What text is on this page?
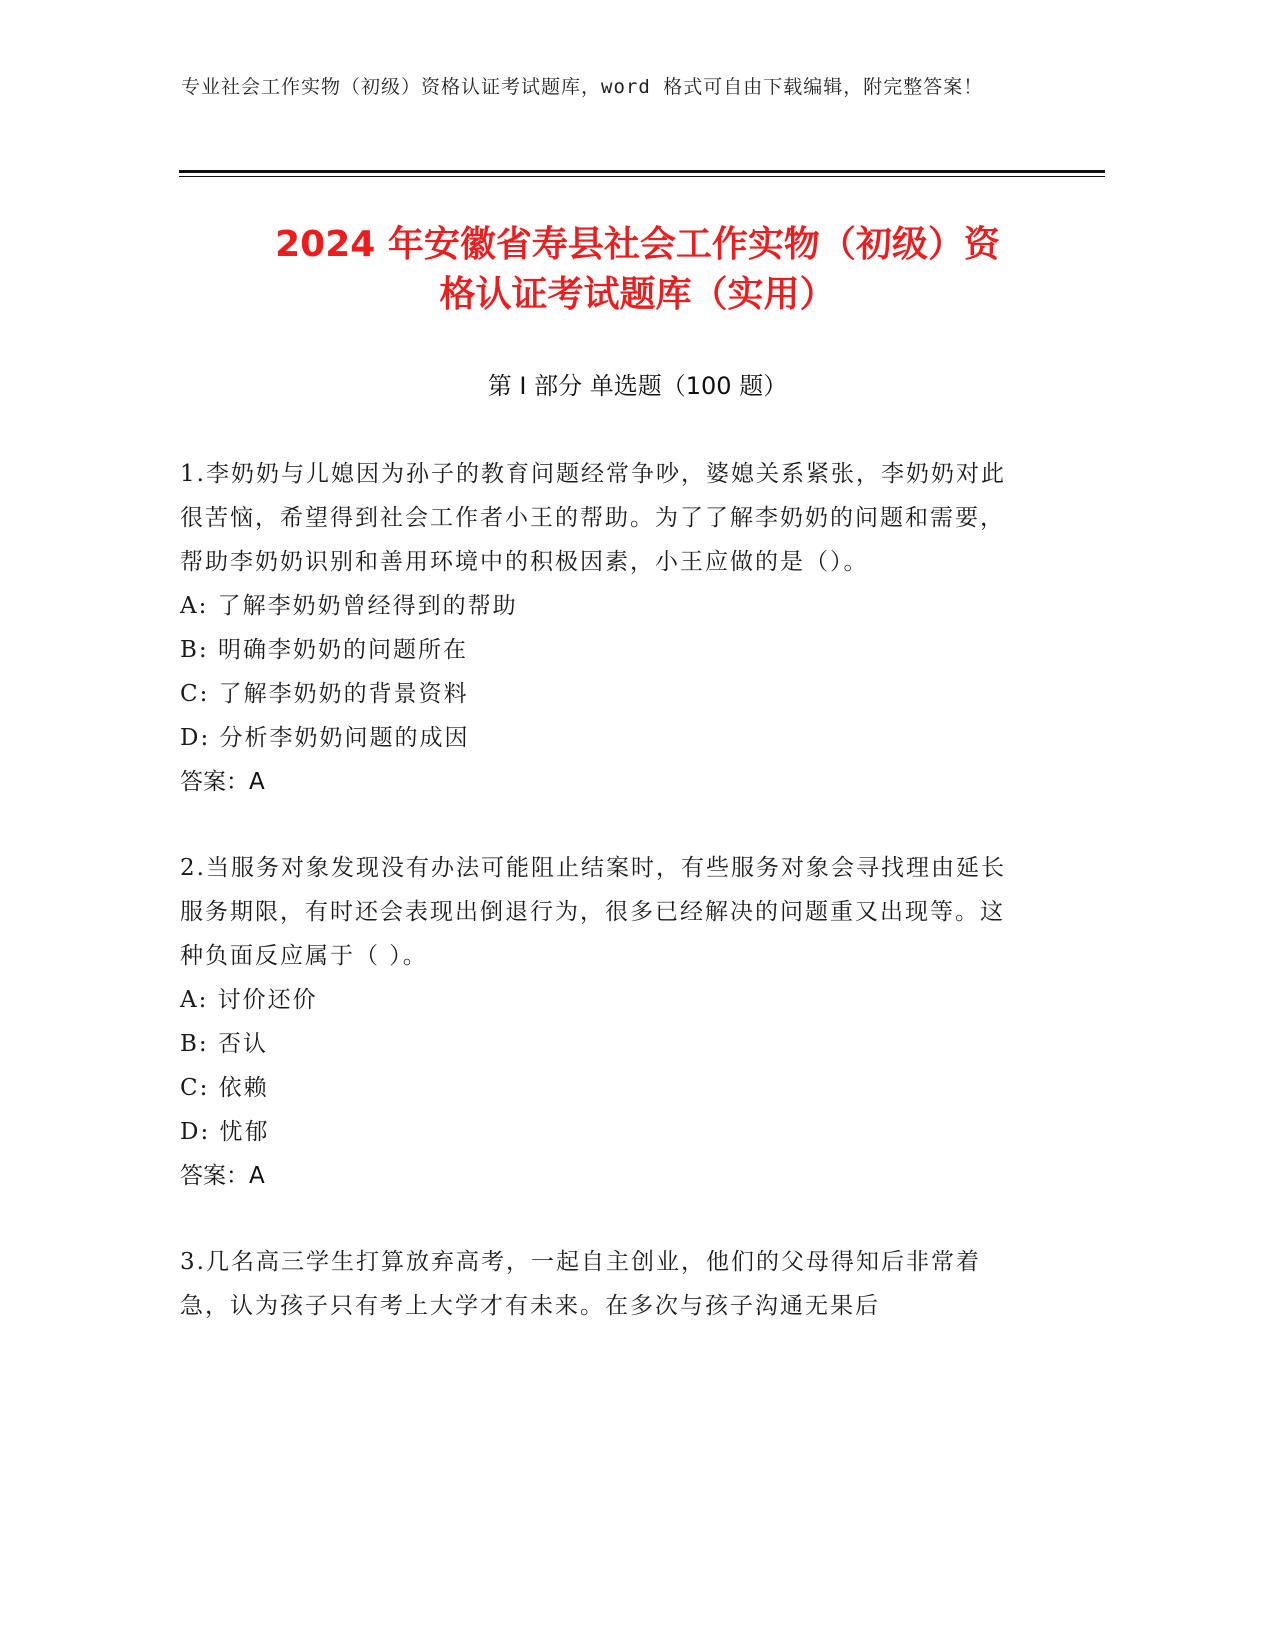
专业社会工作实物（初级）资格认证考试题库，word 格式可自由下载编辑，附完整答案！
2024 年安徽省寿县社会工作实物（初级）资
格认证考试题库（实用）
第 I 部分 单选题（100 题）

1.李奶奶与儿媳因为孙子的教育问题经常争吵，婆媳关系紧张，李奶奶对此很苦恼，希望得到社会工作者小王的帮助。为了了解李奶奶的问题和需要，帮助李奶奶识别和善用环境中的积极因素，小王应做的是（）。

A: 了解李奶奶曾经得到的帮助

B: 明确李奶奶的问题所在

C: 了解李奶奶的背景资料

D: 分析李奶奶问题的成因

答案：A

2.当服务对象发现没有办法可能阻止结案时，有些服务对象会寻找理由延长服务期限，有时还会表现出倒退行为，很多已经解决的问题重又出现等。这种负面反应属于（ ）。

A: 讨价还价

B: 否认

C: 依赖

D: 忧郁

答案：A

3.几名高三学生打算放弃高考，一起自主创业，他们的父母得知后非常着急，认为孩子只有考上大学才有未来。在多次与孩子沟通无果后
